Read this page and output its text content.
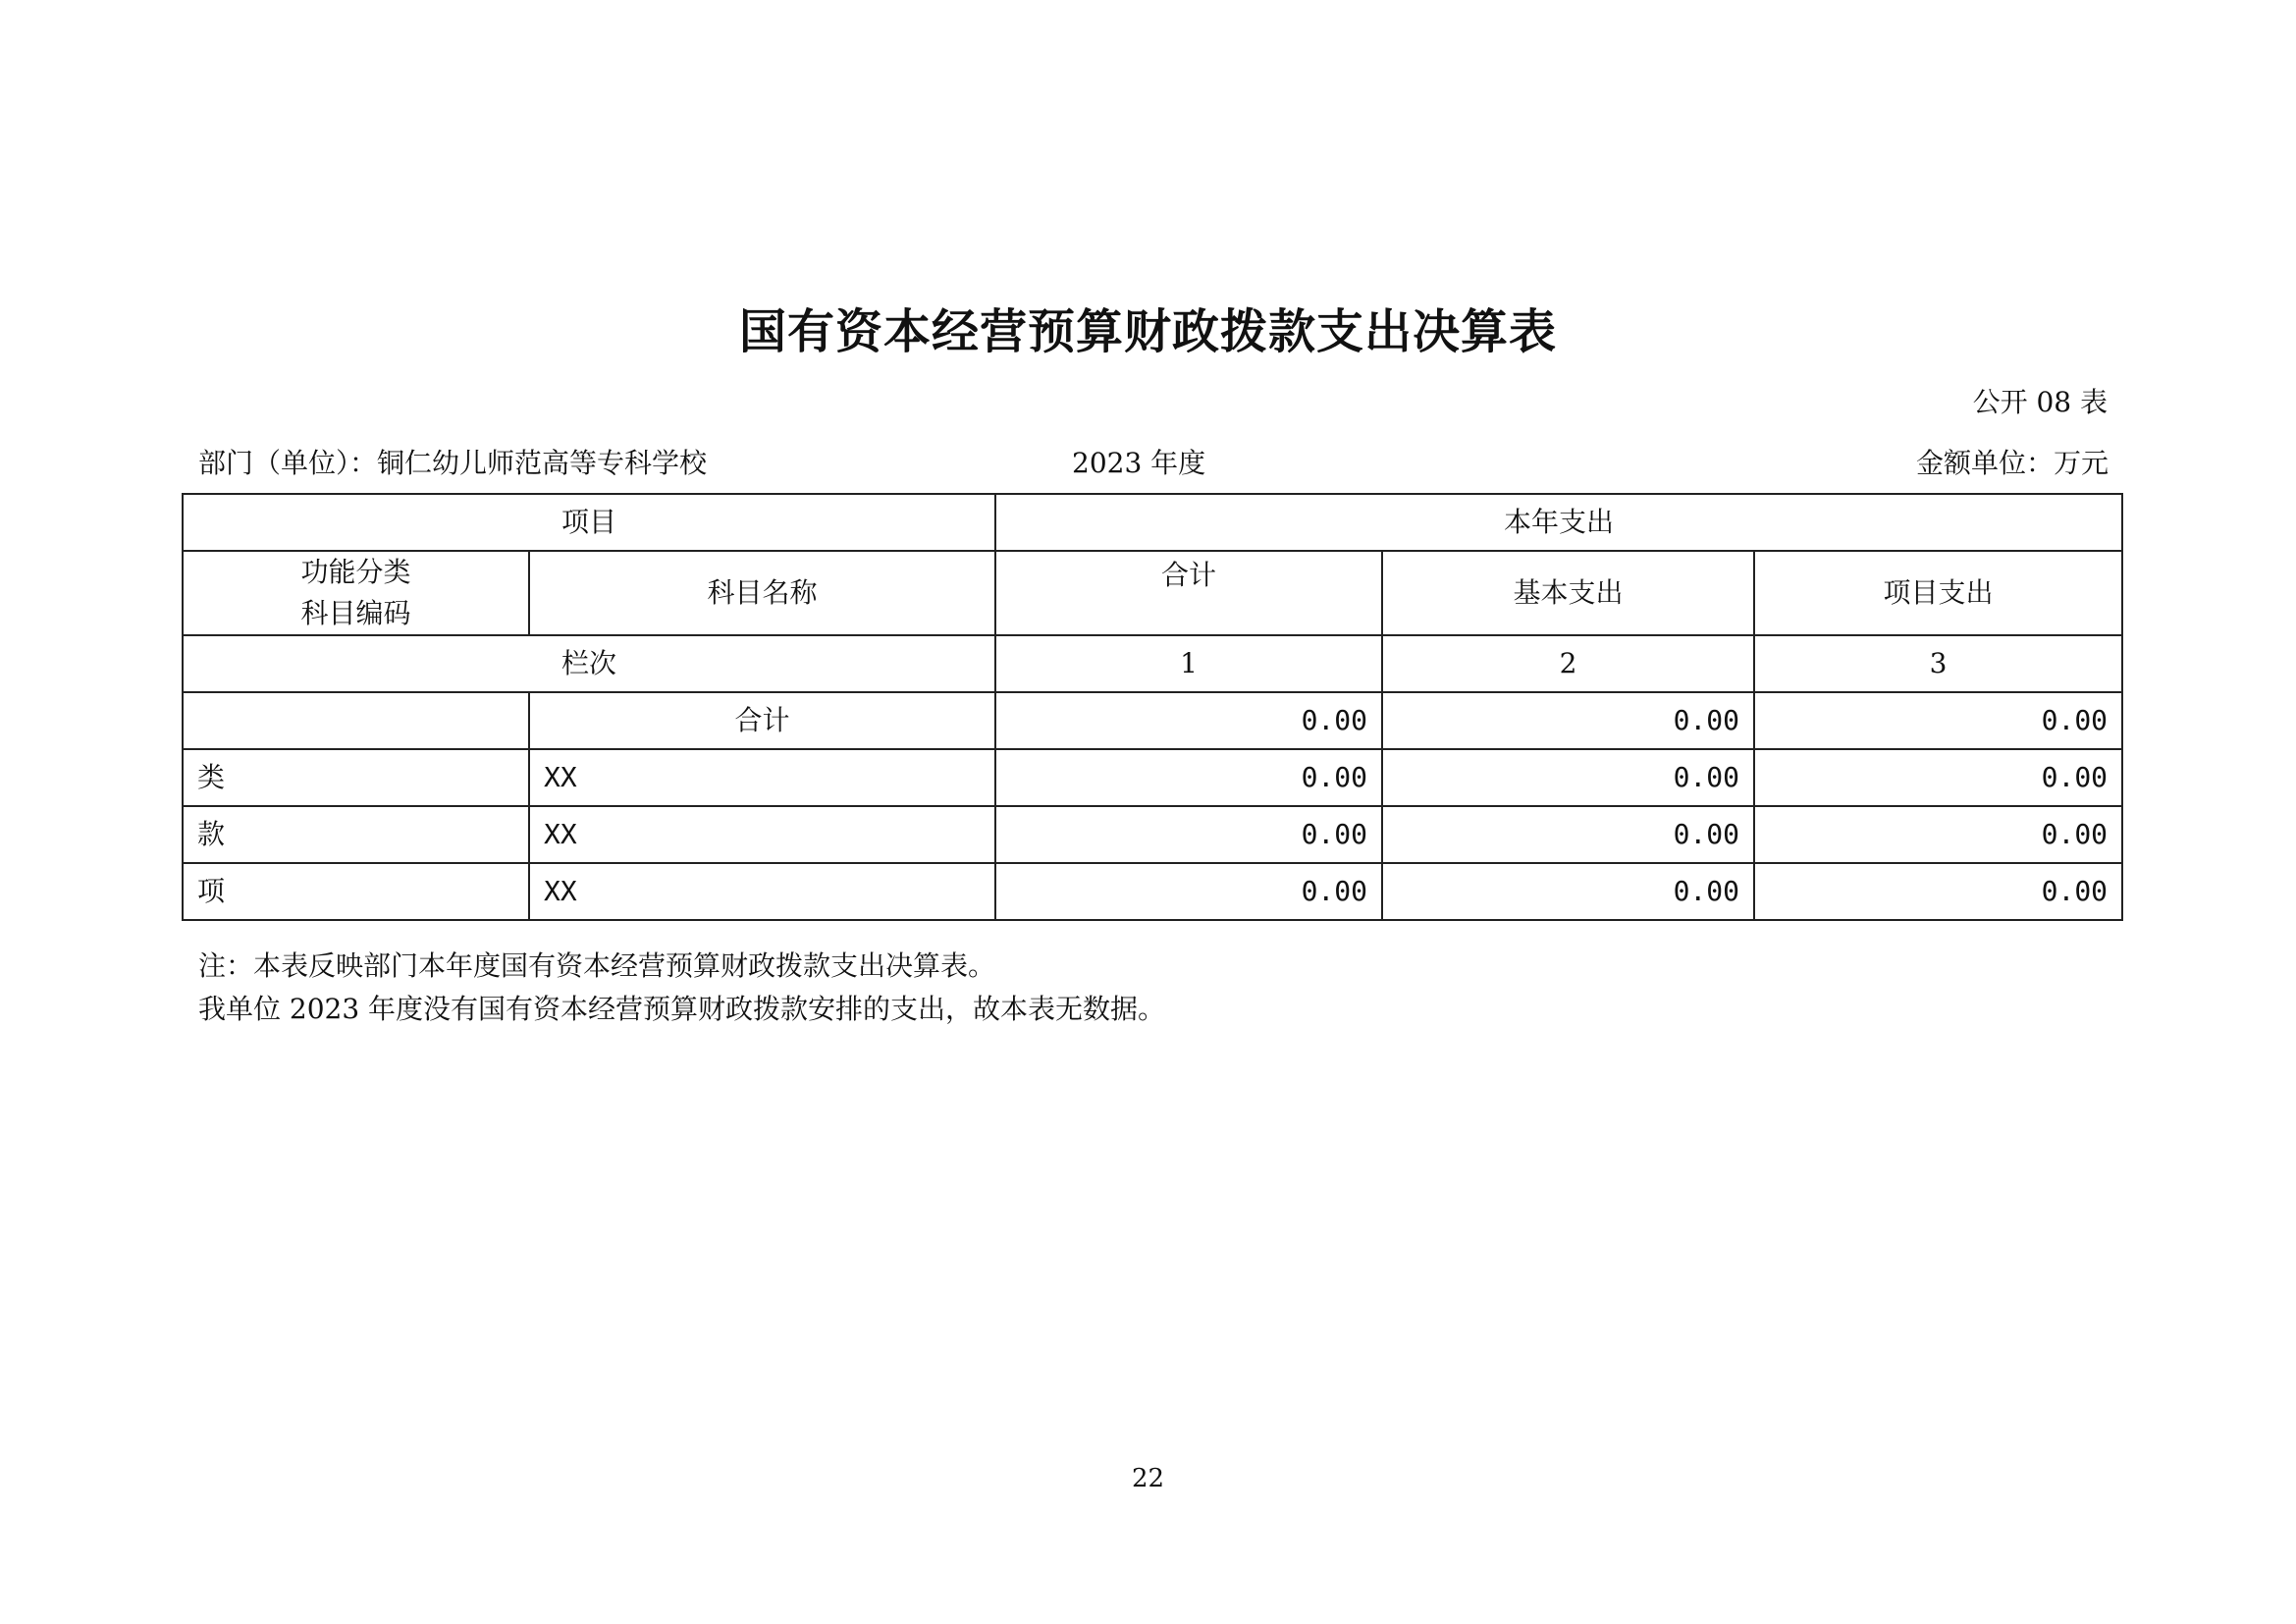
国有资本经营预算财政拨款支出决算表
公开 08 表
部门（单位）：铜仁幼儿师范高等专科学校	2023 年度	金额单位：万元
项目		本年支出		

功能分类
科目编码	科目名称	合计	基本支出	项目支出
栏次		1	2	3
	合计	0.00	0.00	0.00
类	XX	0.00	0.00	0.00
款	XX	0.00	0.00	0.00
项	XX	0.00	0.00	0.00
注：本表反映部门本年度国有资本经营预算财政拨款支出决算表。
我单位 2023 年度没有国有资本经营预算财政拨款安排的支出，故本表无数据。
22
